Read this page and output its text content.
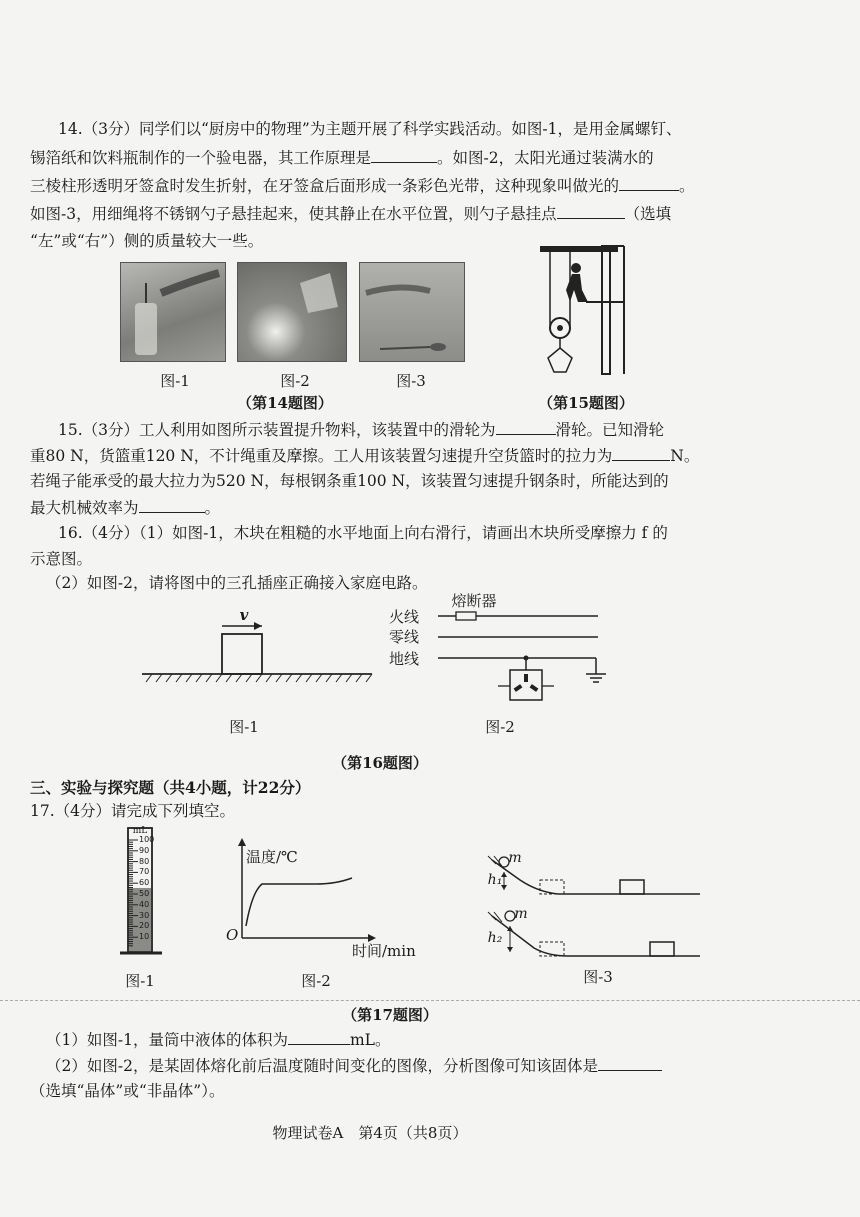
14.（3分）同学们以“厨房中的物理”为主题开展了科学实践活动。如图-1，是用金属螺钉、
锡箔纸和饮料瓶制作的一个验电器，其工作原理是	。如图-2，太阳光通过装满水的
三棱柱形透明牙签盒时发生折射，在牙签盒后面形成一条彩色光带，这种现象叫做光的	。
如图-3，用细绳将不锈钢勺子悬挂起来，使其静止在水平位置，则勺子悬挂点	（选填
“左”或“右”）侧的质量较大一些。
图-1	图-2	图-3
（第14题图）	（第15题图）
15.（3分）工人利用如图所示装置提升物料，该装置中的滑轮为	滑轮。已知滑轮
重80 N，货篮重120 N，不计绳重及摩擦。工人用该装置匀速提升空货篮时的拉力为	N。
若绳子能承受的最大拉力为520 N，每根钢条重100 N，该装置匀速提升钢条时，所能达到的
最大机械效率为	。
16.（4分）（1）如图-1，木块在粗糙的水平地面上向右滑行，请画出木块所受摩擦力 f 的
示意图。
（2）如图-2，请将图中的三孔插座正确接入家庭电路。
v
熔断器
火线
零线
地线
图-1	图-2
（第16题图）
三、实验与探究题（共4小题，计22分）
17.（4分）请完成下列填空。
mL
100
90
80
70
60
50
40
30
20
10
图-1
温度/℃
O
时间/min
图-2
m
m
h₁
h₂
图-3
（第17题图）
（1）如图-1，量筒中液体的体积为	mL。
（2）如图-2，是某固体熔化前后温度随时间变化的图像，分析图像可知该固体是
（选填“晶体”或“非晶体”）。
物理试卷A　第4页（共8页）
